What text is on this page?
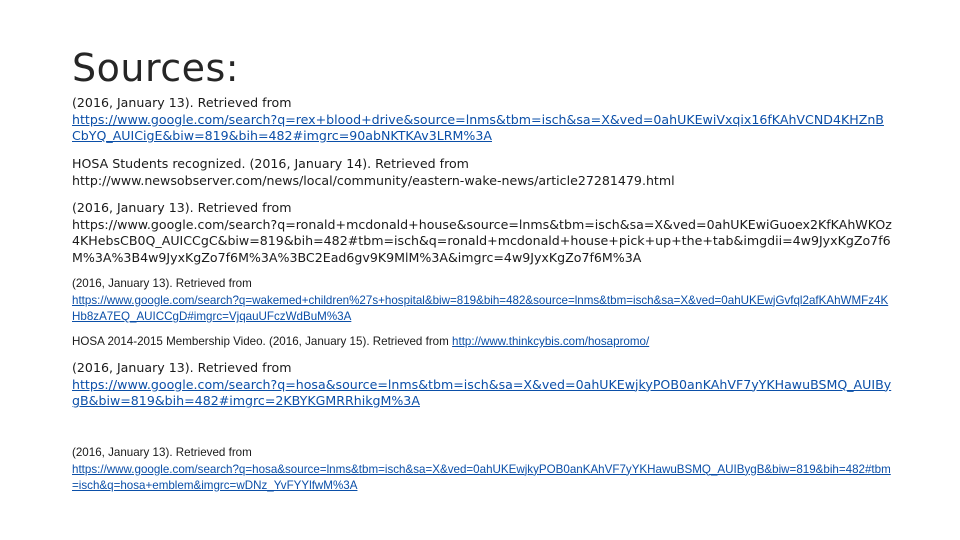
Sources:

(2016, January 13). Retrieved from
https://www.google.com/search?q=rex+blood+drive&source=lnms&tbm=isch&sa=X&ved=0ahUKEwiVxqix16fKAhVCND4KHZnBCbYQ_AUICigE&biw=819&bih=482#imgrc=90abNKTKAv3LRM%3A

HOSA Students recognized. (2016, January 14). Retrieved from
http://www.newsobserver.com/news/local/community/eastern-wake-news/article27281479.html

(2016, January 13). Retrieved from
https://www.google.com/search?q=ronald+mcdonald+house&source=lnms&tbm=isch&sa=X&ved=0ahUKEwiGuoex2KfKAhWKOz4KHebsCB0Q_AUICCgC&biw=819&bih=482#tbm=isch&q=ronald+mcdonald+house+pick+up+the+tab&imgdii=4w9JyxKgZo7f6M%3A%3B4w9JyxKgZo7f6M%3A%3BC2Ead6gv9K9MlM%3A&imgrc=4w9JyxKgZo7f6M%3A

(2016, January 13). Retrieved from
https://www.google.com/search?q=wakemed+children%27s+hospital&biw=819&bih=482&source=lnms&tbm=isch&sa=X&ved=0ahUKEwjGvfql2afKAhWMFz4KHb8zA7EQ_AUICCgD#imgrc=VjqauUFczWdBuM%3A

HOSA 2014-2015 Membership Video. (2016, January 15). Retrieved from http://www.thinkcybis.com/hosapromo/

(2016, January 13). Retrieved from
https://www.google.com/search?q=hosa&source=lnms&tbm=isch&sa=X&ved=0ahUKEwjkyPOB0anKAhVF7yYKHawuBSMQ_AUIBygB&biw=819&bih=482#imgrc=2KBYKGMRRhikgM%3A

(2016, January 13). Retrieved from
https://www.google.com/search?q=hosa&source=lnms&tbm=isch&sa=X&ved=0ahUKEwjkyPOB0anKAhVF7yYKHawuBSMQ_AUIBygB&biw=819&bih=482#tbm=isch&q=hosa+emblem&imgrc=wDNz_YvFYYlfwM%3A
